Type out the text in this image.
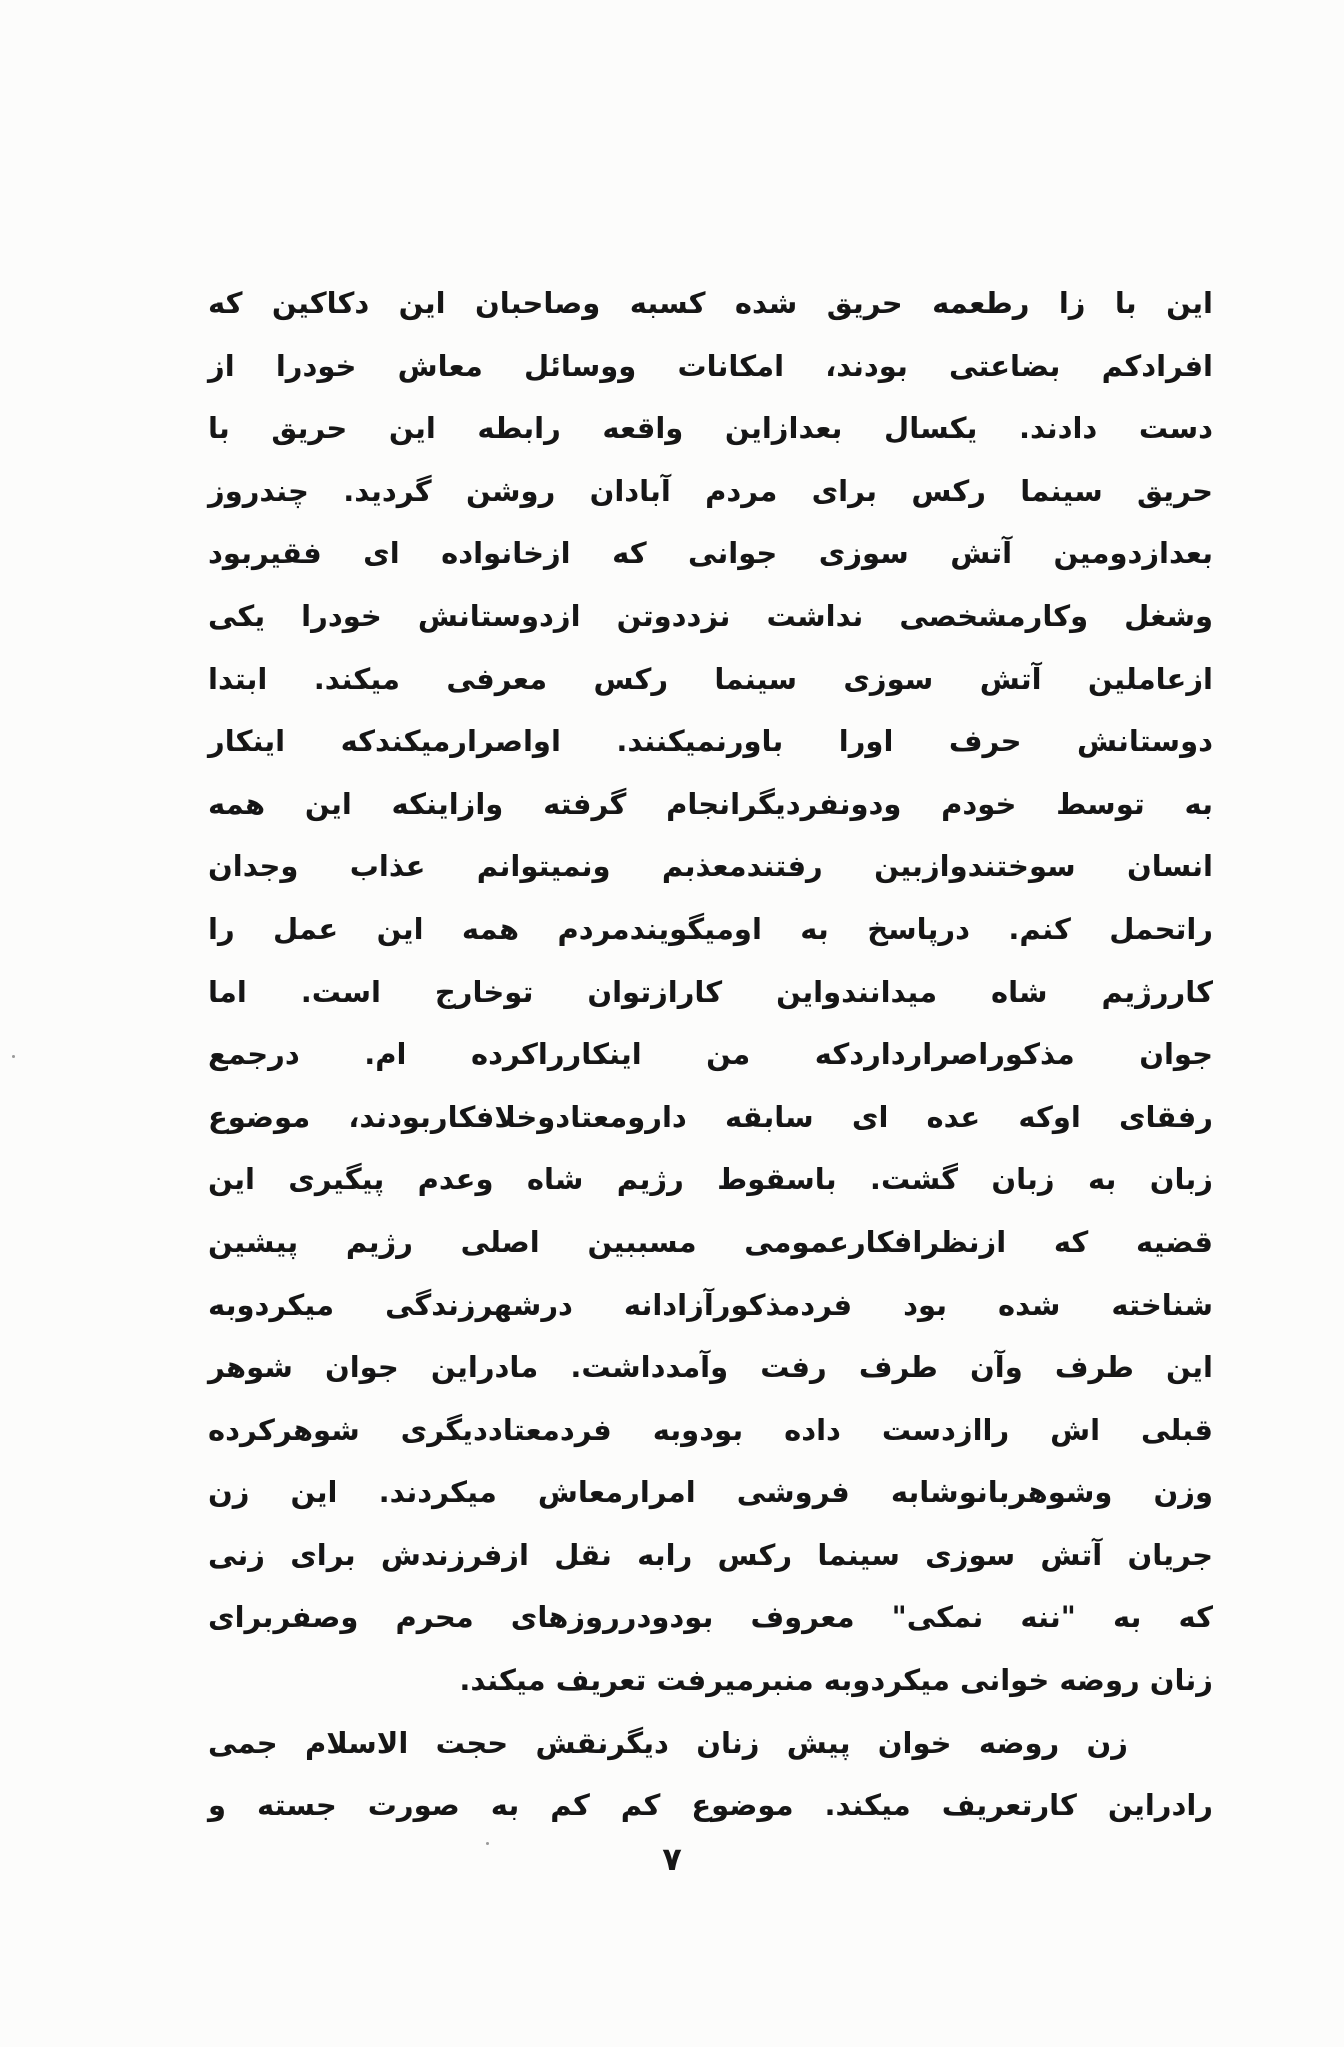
این با زا رطعمه حریق شده کسبه وصاحبان این دکاکین که
افرادکم بضاعتی بودند، امکانات ووسائل معاش خودرا از
دست دادند. یکسال بعدازاین واقعه رابطه این حریق با
حریق سینما رکس برای مردم آبادان روشن گردید. چندروز
بعدازدومین آتش سوزی جوانی که ازخانواده ای فقیربود
وشغل وکارمشخصی نداشت نزددوتن ازدوستانش خودرا یکی
ازعاملین آتش سوزی سینما رکس معرفی میکند. ابتدا
دوستانش حرف اورا باورنمیکنند. اواصرارمیکندکه اینکار
به توسط خودم ودونفردیگرانجام گرفته وازاینکه این همه
انسان سوختندوازبین رفتندمعذبم ونمیتوانم عذاب وجدان
راتحمل کنم. درپاسخ به اومیگویندمردم همه این عمل را
کاررژیم شاه میدانندواین کارازتوان توخارج است. اما
جوان مذکوراصرارداردکه من اینکارراکرده ام. درجمع
رفقای اوکه عده ای سابقه دارومعتادوخلافکاربودند، موضوع
زبان به زبان گشت. باسقوط رژیم شاه وعدم پیگیری این
قضیه که ازنظرافکارعمومی مسببین اصلی رژیم پیشین
شناخته شده بود فردمذکورآزادانه درشهرزندگی میکردوبه
این طرف وآن طرف رفت وآمدداشت. مادراین جوان شوهر
قبلی اش راازدست داده بودوبه فردمعتاددیگری شوهرکرده
وزن وشوهربانوشابه فروشی امرارمعاش میکردند. این زن
جریان آتش سوزی سینما رکس رابه نقل ازفرزندش برای زنی
که به "ننه نمکی" معروف بودودرروزهای محرم وصفربرای
زنان روضه خوانی میکردوبه منبرمیرفت تعریف میکند.
زن روضه خوان پیش زنان دیگرنقش حجت الاسلام جمی
رادراین کارتعریف میکند. موضوع کم کم به صورت جسته و
٧
